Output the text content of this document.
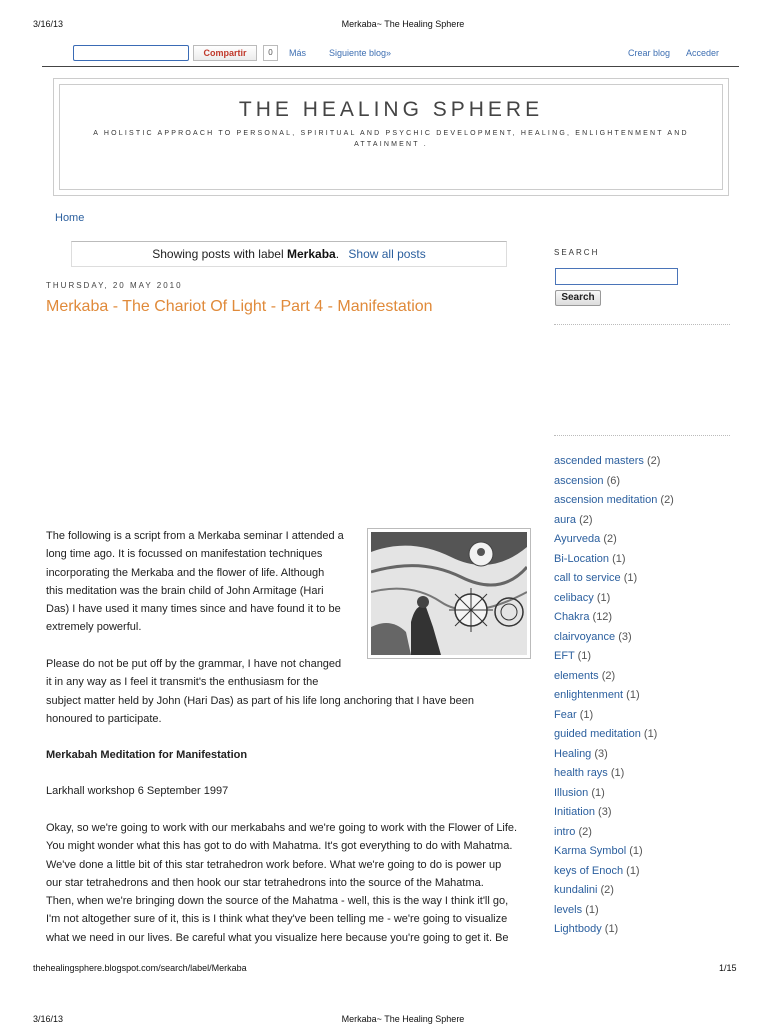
3/16/13	Merkaba~ The Healing Sphere
Compartir	0	Más	Siguiente blog»	Crear blog Acceder
THE HEALING SPHERE
A HOLISTIC APPROACH TO PERSONAL, SPIRITUAL AND PSYCHIC DEVELOPMENT, HEALING, ENLIGHTENMENT AND ATTAINMENT .
Home
Showing posts with label Merkaba. Show all posts
THURSDAY, 20 MAY 2010
Merkaba - The Chariot Of Light - Part 4 - Manifestation
The following is a script from a Merkaba seminar I attended a
long time ago. It is focussed on manifestation techniques
incorporating the Merkaba and the flower of life. Although
this meditation was the brain child of John Armitage (Hari
Das) I have used it many times since and have found it to be
extremely powerful.
Please do not be put off by the grammar, I have not changed
it in any way as I feel it transmit's the enthusiasm for the
subject matter held by John (Hari Das) as part of his life long anchoring that I have been
honoured to participate.
Merkabah Meditation for Manifestation
Larkhall workshop 6 September 1997
Okay, so we're going to work with our merkabahs and we're going to work with the Flower of Life.
You might wonder what this has got to do with Mahatma. It's got everything to do with Mahatma.
We've done a little bit of this star tetrahedron work before. What we're going to do is power up
our star tetrahedrons and then hook our star tetrahedrons into the source of the Mahatma.
Then, when we're bringing down the source of the Mahatma - well, this is the way I think it'll go,
I'm not altogether sure of it, this is I think what they've been telling me - we're going to visualize
what we need in our lives. Be careful what you visualize here because you're going to get it. Be
SEARCH
Search
ascended masters (2)
ascension (6)
ascension meditation (2)
aura (2)
Ayurveda (2)
Bi-Location (1)
call to service (1)
celibacy (1)
Chakra (12)
clairvoyance (3)
EFT (1)
elements (2)
enlightenment (1)
Fear (1)
guided meditation (1)
Healing (3)
health rays (1)
Illusion (1)
Initiation (3)
intro (2)
Karma Symbol (1)
keys of Enoch (1)
kundalini (2)
levels (1)
Lightbody (1)
thehealingsphere.blogspot.com/search/label/Merkaba	1/15
3/16/13	Merkaba~ The Healing Sphere
